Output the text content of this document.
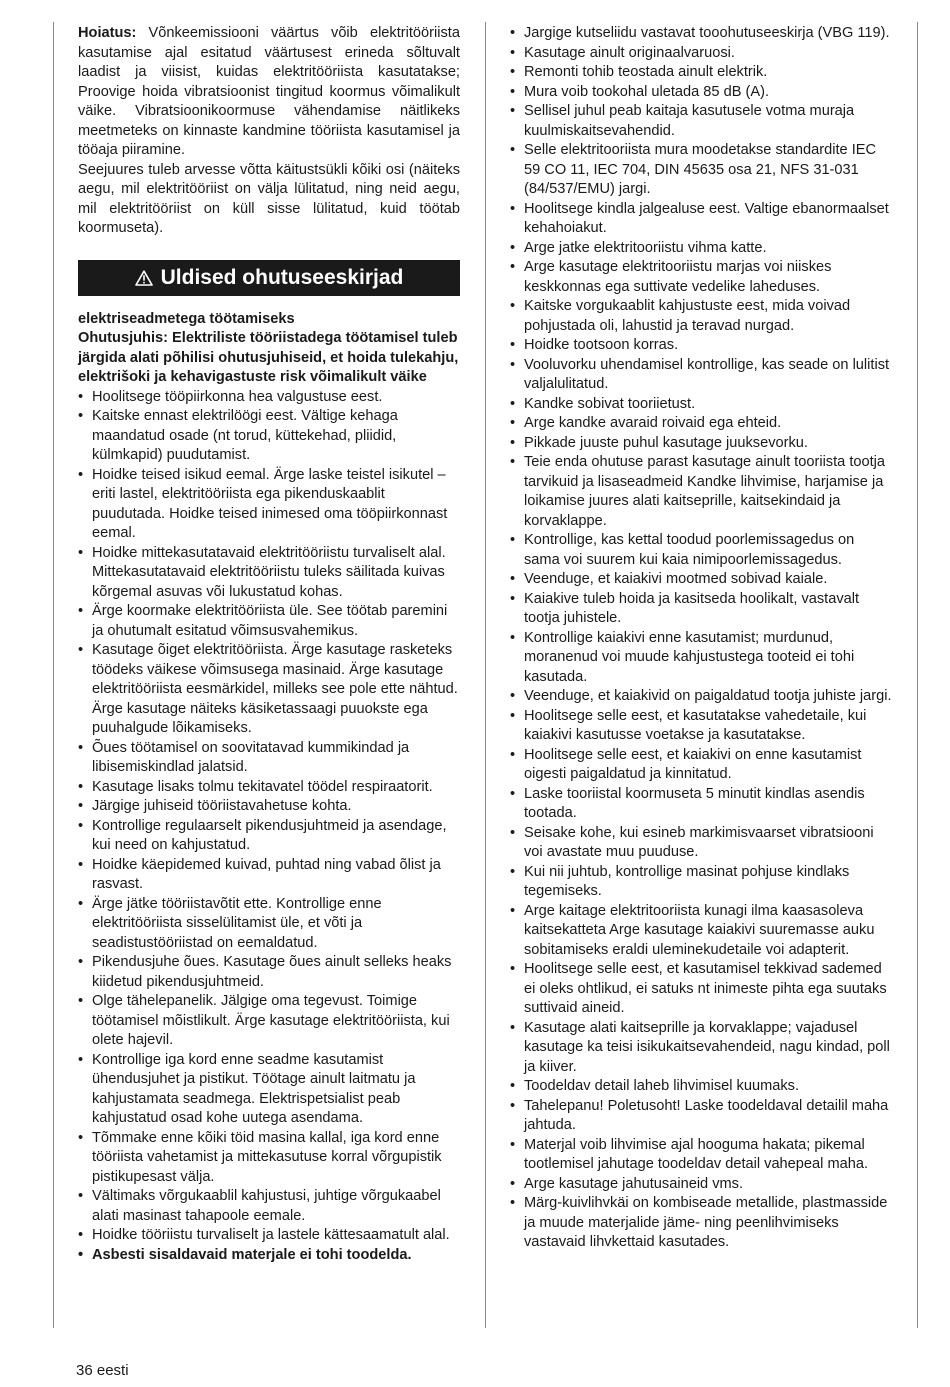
Hoiatus: Võnkeemissiooni väärtus võib elektritööriista kasutamise ajal esitatud väärtusest erineda sõltuvalt laadist ja viisist, kuidas elektritööriista kasutatakse; Proovige hoida vibratsioonist tingitud koormus võimalikult väike. Vibratsioonikoormuse vähendamise näitlikeks meetmeteks on kinnaste kandmine tööriista kasutamisel ja tööaja piiramine.

Seejuures tuleb arvesse võtta käitustsükli kõiki osi (näiteks aegu, mil elektritööriist on välja lülitatud, ning neid aegu, mil elektritööriist on küll sisse lülitatud, kuid töötab koormuseta).

Uldised ohutuseeskirjad
elektriseadmetega töötamiseks
Ohutusjuhis: Elektriliste tööriistadega töötamisel tuleb järgida alati põhilisi ohutusjuhiseid, et hoida tulekahju, elektrišoki ja kehavigastuste risk võimalikult väike
• Hoolitsege tööpiirkonna hea valgustuse eest.
• Kaitske ennast elektrilöögi eest. Vältige kehaga maandatud osade (nt torud, küttekehad, pliidid, külmkapid) puudutamist.
• Hoidke teised isikud eemal. Ärge laske teistel isikutel – eriti lastel, elektritööriista ega pikenduskaablit puudutada. Hoidke teised inimesed oma tööpiirkonnast eemal.
• Hoidke mittekasutatavaid elektritööriistu turvaliselt alal. Mittekasutatavaid elektritööriistu tuleks säilitada kuivas kõrgemal asuvas või lukustatud kohas.
• Ärge koormake elektritööriista üle. See töötab paremini ja ohutumalt esitatud võimsusvahemikus.
• Kasutage õiget elektritööriista. Ärge kasutage rasketeks töödeks väikese võimsusega masinaid. Ärge kasutage elektritööriista eesmärkidel, milleks see pole ette nähtud. Ärge kasutage näiteks käsiketassaagi puuokste ega puuhalgude lõikamiseks.
• Õues töötamisel on soovitatavad kummikindad ja libisemiskindlad jalatsid.
• Kasutage lisaks tolmu tekitavatel töödel respiraatorit.
• Järgige juhiseid tööriistavahetuse kohta.
• Kontrollige regulaarselt pikendusjuhtmeid ja asendage, kui need on kahjustatud.
• Hoidke käepidemed kuivad, puhtad ning vabad õlist ja rasvast.
• Ärge jätke tööriistavõtit ette. Kontrollige enne elektritööriista sisselülitamist üle, et võti ja seadistustööriistad on eemaldatud.
• Pikendusjuhe õues. Kasutage õues ainult selleks heaks kiidetud pikendusjuhtmeid.
• Olge tähelepanelik. Jälgige oma tegevust. Toimige töötamisel mõistlikult. Ärge kasutage elektritööriista, kui olete hajevil.
• Kontrollige iga kord enne seadme kasutamist ühendusjuhet ja pistikut. Töötage ainult laitmatu ja kahjustamata seadmega. Elektrispetsialist peab kahjustatud osad kohe uutega asendama.
• Tõmmake enne kõiki töid masina kallal, iga kord enne tööriista vahetamist ja mittekasutuse korral võrgupistik pistikupesast välja.
• Vältimaks võrgukaablil kahjustusi, juhtige võrgukaabel alati masinast tahapoole eemale.
• Hoidke tööriistu turvaliselt ja lastele kättesaamatult alal.
• Asbesti sisaldavaid materjale ei tohi toodelda.
• Jargige kutseliidu vastavat tooohutuseeskirja (VBG 119).
• Kasutage ainult originaalvaruosi.
• Remonti tohib teostada ainult elektrik.
• Mura voib tookohal uletada 85 dB (A).
• Sellisel juhul peab kaitaja kasutusele votma muraja kuulmiskaitsevahendid.
• Selle elektritooriista mura moodetakse standardite IEC 59 CO 11, IEC 704, DIN 45635 osa 21, NFS 31-031 (84/537/EMU) jargi.
• Hoolitsege kindla jalgealuse eest. Valtige ebanormaalset kehahoiakut.
• Arge jatke elektritooriistu vihma katte.
• Arge kasutage elektritooriistu marjas voi niiskes keskkonnas ega suttivate vedelike laheduses.
• Kaitske vorgukaablit kahjustuste eest, mida voivad pohjustada oli, lahustid ja teravad nurgad.
• Hoidke tootsoon korras.
• Vooluvorku uhendamisel kontrollige, kas seade on lulitist valjalulitatud.
• Kandke sobivat tooriietust.
• Arge kandke avaraid roivaid ega ehteid.
• Pikkade juuste puhul kasutage juuksevorku.
• Teie enda ohutuse parast kasutage ainult tooriista tootja tarvikuid ja lisaseadmeid Kandke lihvimise, harjamise ja loikamise juures alati kaitseprille, kaitsekindaid ja korvaklappe.
• Kontrollige, kas kettal toodud poorlemissagedus on sama voi suurem kui kaia nimipoorlemissagedus.
• Veenduge, et kaiakivi mootmed sobivad kaiale.
• Kaiakive tuleb hoida ja kasitseda hoolikalt, vastavalt tootja juhistele.
• Kontrollige kaiakivi enne kasutamist; murdunud, moranenud voi muude kahjustustega tooteid ei tohi kasutada.
• Veenduge, et kaiakivid on paigaldatud tootja juhiste jargi.
• Hoolitsege selle eest, et kasutatakse vahedetaile, kui kaiakivi kasutusse voetakse ja kasutatakse.
• Hoolitsege selle eest, et kaiakivi on enne kasutamist oigesti paigaldatud ja kinnitatud.
• Laske tooriistal koormuseta 5 minutit kindlas asendis tootada.
• Seisake kohe, kui esineb markimisvaarset vibratsiooni voi avastate muu puuduse.
• Kui nii juhtub, kontrollige masinat pohjuse kindlaks tegemiseks.
• Arge kaitage elektritooriista kunagi ilma kaasasoleva kaitsekatteta Arge kasutage kaiakivi suuremasse auku sobitamiseks eraldi uleminekudetaile voi adapterit.
• Hoolitsege selle eest, et kasutamisel tekkivad sademed ei oleks ohtlikud, ei satuks nt inimeste pihta ega suutaks suttivaid aineid.
• Kasutage alati kaitseprille ja korvaklappe; vajadusel kasutage ka teisi isikukaitsevahendeid, nagu kindad, poll ja kiiver.
• Toodeldav detail laheb lihvimisel kuumaks.
• Tahelepanu! Poletusoht! Laske toodeldaval detailil maha jahtuda.
• Materjal voib lihvimise ajal hooguma hakata; pikemal tootlemisel jahutage toodeldav detail vahepeal maha.
• Arge kasutage jahutusaineid vms.
• Märg-kuivlihvkäi on kombiseade metallide, plastmasside ja muude materjalide jäme- ning peenlihvimiseks vastavaid lihvkettaid kasutades.
36 eesti
